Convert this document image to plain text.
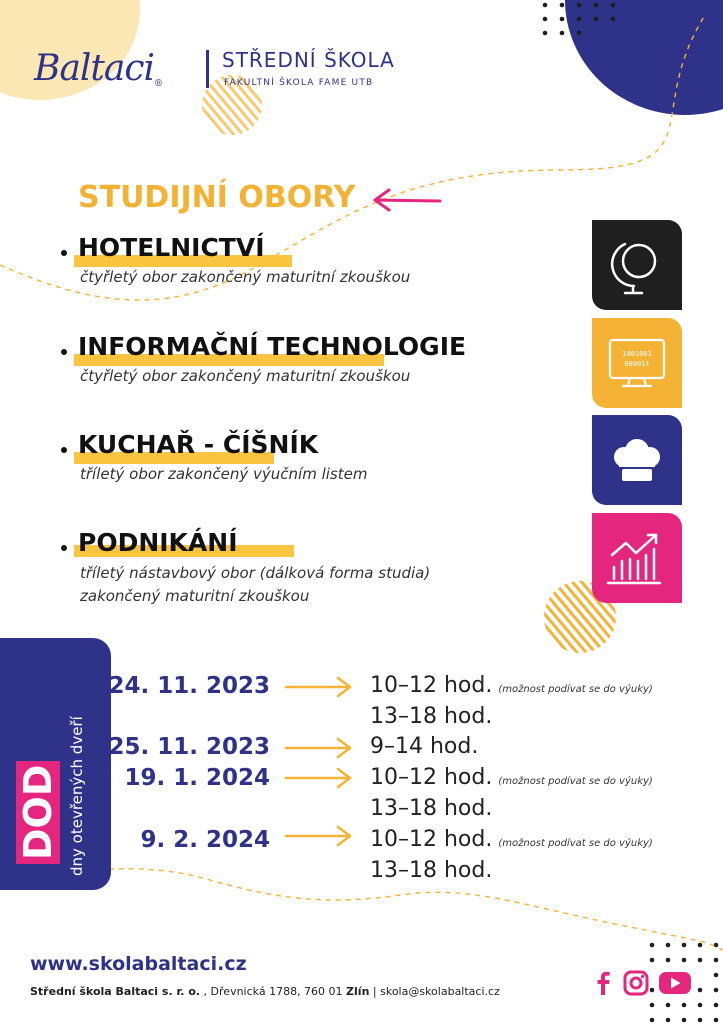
Baltaci®
STŘEDNÍ ŠKOLA
FAKULTNÍ ŠKOLA FAME UTB
STUDIJNÍ OBORY
HOTELNICTVÍ
čtyřletý obor zakončený maturitní zkouškou
INFORMAČNÍ TECHNOLOGIE
čtyřletý obor zakončený maturitní zkouškou
KUCHAŘ - ČÍŠNÍK
tříletý obor zakončený výučním listem
PODNIKÁNÍ
tříletý nástavbový obor (dálková forma studia)
zakončený maturitní zkouškou
1001001
000011
DOD dny otevřených dveří
24. 11. 2023
25. 11. 2023
19. 1. 2024
9. 2. 2024
10–12 hod. (možnost podívat se do výuky)
13–18 hod.
9–14 hod.
10–12 hod. (možnost podívat se do výuky)
13–18 hod.
10–12 hod. (možnost podívat se do výuky)
13–18 hod.
www.skolabaltaci.cz
Střední škola Baltaci s. r. o. , Dřevnická 1788, 760 01 Zlín | skola@skolabaltaci.cz
